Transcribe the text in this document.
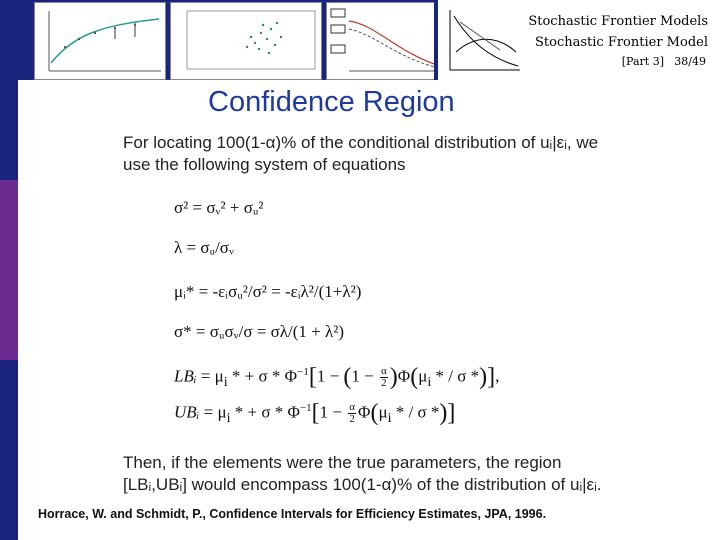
Stochastic Frontier Models
Stochastic Frontier Model
[Part 3] 38/49
Confidence Region
For locating 100(1-α)% of the conditional distribution of uᵢ|εᵢ, we
use the following system of equations
σ² = σᵥ² + σᵤ²
λ = σᵤ/σᵥ
μᵢ* = -εᵢσᵤ²/σ² = -εᵢλ²/(1+λ²)
σ* = σᵤσᵥ/σ = σλ/(1 + λ²)
LBᵢ = $\mu_i$ * + $\sigma * \Phi^{-1}[1 - (1 - \frac{\alpha}{2})\Phi(\mu_i$ * / σ *)],
UBᵢ = $\mu_i$ * + $\sigma * \Phi^{-1}[1 - \frac{\alpha}{2} \Phi(\mu_i$ * / σ *)]
Then, if the elements were the true parameters, the region
[LBᵢ,UBᵢ] would encompass 100(1-α)% of the distribution of uᵢ|εᵢ.
Horrace, W. and Schmidt, P., Confidence Intervals for Efficiency Estimates, JPA, 1996.
